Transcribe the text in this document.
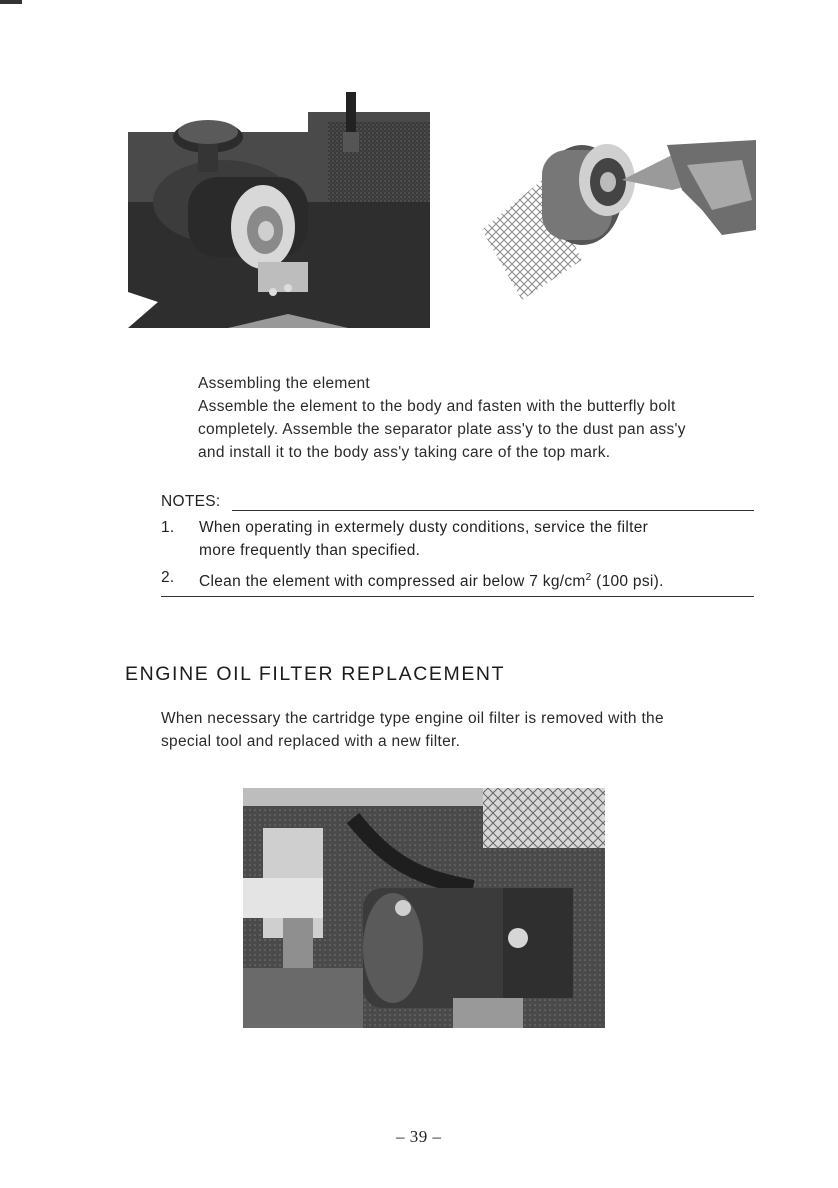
Assembling the element
Assemble the element to the body and fasten with the butterfly bolt
completely. Assemble the separator plate ass'y to the dust pan ass'y
and install it to the body ass'y taking care of the top mark.
NOTES:
1. When operating in extermely dusty conditions, service the filter
more frequently than specified.
2. Clean the element with compressed air below 7 $kg/cm^2$ (100 psi).
ENGINE OIL FILTER REPLACEMENT
When necessary the cartridge type engine oil filter is removed with the
special tool and replaced with a new filter.
– 39 –
